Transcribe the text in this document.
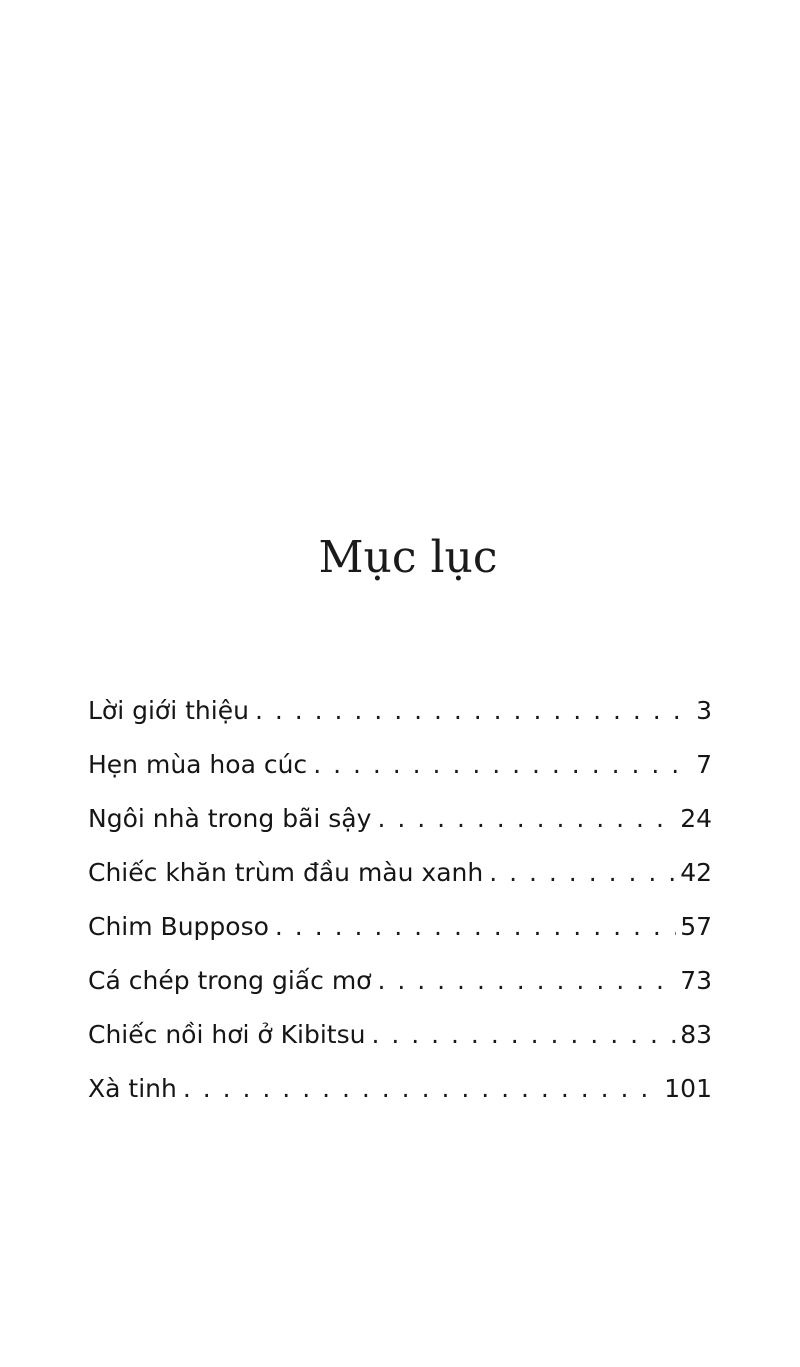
Mục lục
Lời giới thiệu . . .	3
Hẹn mùa hoa cúc . . .	7
Ngôi nhà trong bãi sậy . . .	24
Chiếc khăn trùm đầu màu xanh . . .	42
Chim Bupposo . . .	57
Cá chép trong giấc mơ . . .	73
Chiếc nồi hơi ở Kibitsu . . .	83
Xà tinh . . .	101
